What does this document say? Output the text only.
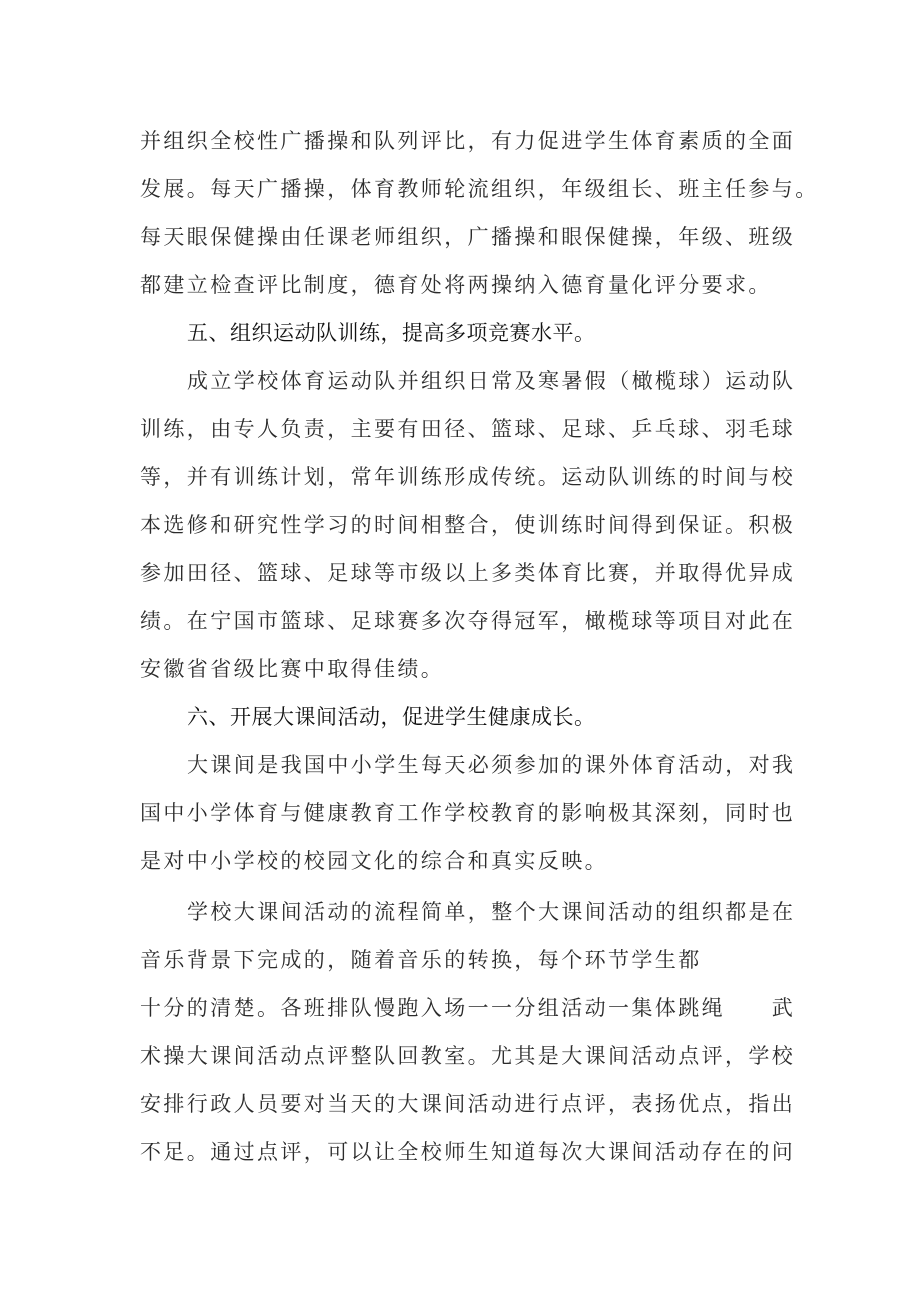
并组织全校性广播操和队列评比，有力促进学生体育素质的全面
发展。每天广播操，体育教师轮流组织，年级组长、班主任参与。
每天眼保健操由任课老师组织，广播操和眼保健操，年级、班级
都建立检查评比制度，德育处将两操纳入德育量化评分要求。
五、组织运动队训练，提高多项竞赛水平。
成立学校体育运动队并组织日常及寒暑假（橄榄球）运动队
训练，由专人负责，主要有田径、篮球、足球、乒乓球、羽毛球
等，并有训练计划，常年训练形成传统。运动队训练的时间与校
本选修和研究性学习的时间相整合，使训练时间得到保证。积极
参加田径、篮球、足球等市级以上多类体育比赛，并取得优异成
绩。在宁国市篮球、足球赛多次夺得冠军，橄榄球等项目对此在
安徽省省级比赛中取得佳绩。
六、开展大课间活动，促进学生健康成长。
大课间是我国中小学生每天必须参加的课外体育活动，对我
国中小学体育与健康教育工作学校教育的影响极其深刻，同时也
是对中小学校的校园文化的综合和真实反映。
学校大课间活动的流程简单，整个大课间活动的组织都是在
音乐背景下完成的，随着音乐的转换，每个环节学生都
十分的清楚。各班排队慢跑入场一一分组活动一集体跳绳　　武
术操大课间活动点评整队回教室。尤其是大课间活动点评，学校
安排行政人员要对当天的大课间活动进行点评，表扬优点，指出
不足。通过点评，可以让全校师生知道每次大课间活动存在的问
